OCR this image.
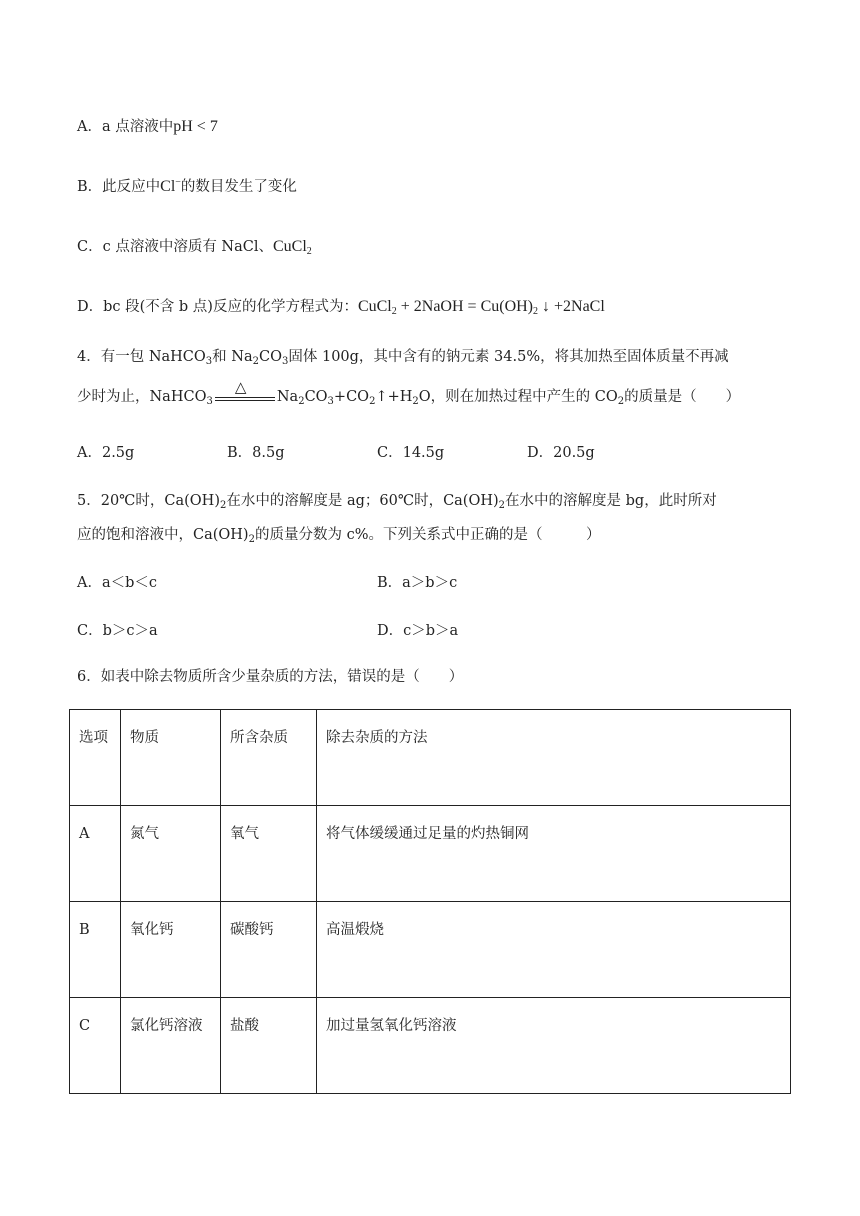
A．a 点溶液中pH < 7
B．此反应中Cl−的数目发生了变化
C．c 点溶液中溶质有 NaCl、CuCl$_2$
D．bc 段(不含 b 点)反应的化学方程式为：CuCl$_2$ + 2NaOH = $Cu(OH)_2$ ↓ +2NaCl
4．有一包 NaHCO$_3$和 $Na_2CO_3$固体 100g，其中含有的钠元素 34.5%，将其加热至固体质量不再减
少时为止，NaHCO$_3$
△
$Na_2CO_3+CO_2↑+H_2O$，则在加热过程中产生的 $CO_2$的质量是（　　）
A．2.5g	B．8.5g	C．14.5g	D．20.5g
5．20℃时，$Ca(OH)_2$在水中的溶解度是 ag；60℃时，$Ca(OH)_2$在水中的溶解度是 bg，此时所对
应的饱和溶液中，$Ca(OH)_2$的质量分数为 c%。下列关系式中正确的是（　　　）
A．a＜b＜c	B．a＞b＞c
C．b＞c＞a	D．c＞b＞a
6．如表中除去物质所含少量杂质的方法，错误的是（　　）
选项	物质	所含杂质	除去杂质的方法
A	氮气	氧气	将气体缓缓通过足量的灼热铜网
B	氧化钙	碳酸钙	高温煅烧
C	氯化钙溶液	盐酸	加过量氢氧化钙溶液
